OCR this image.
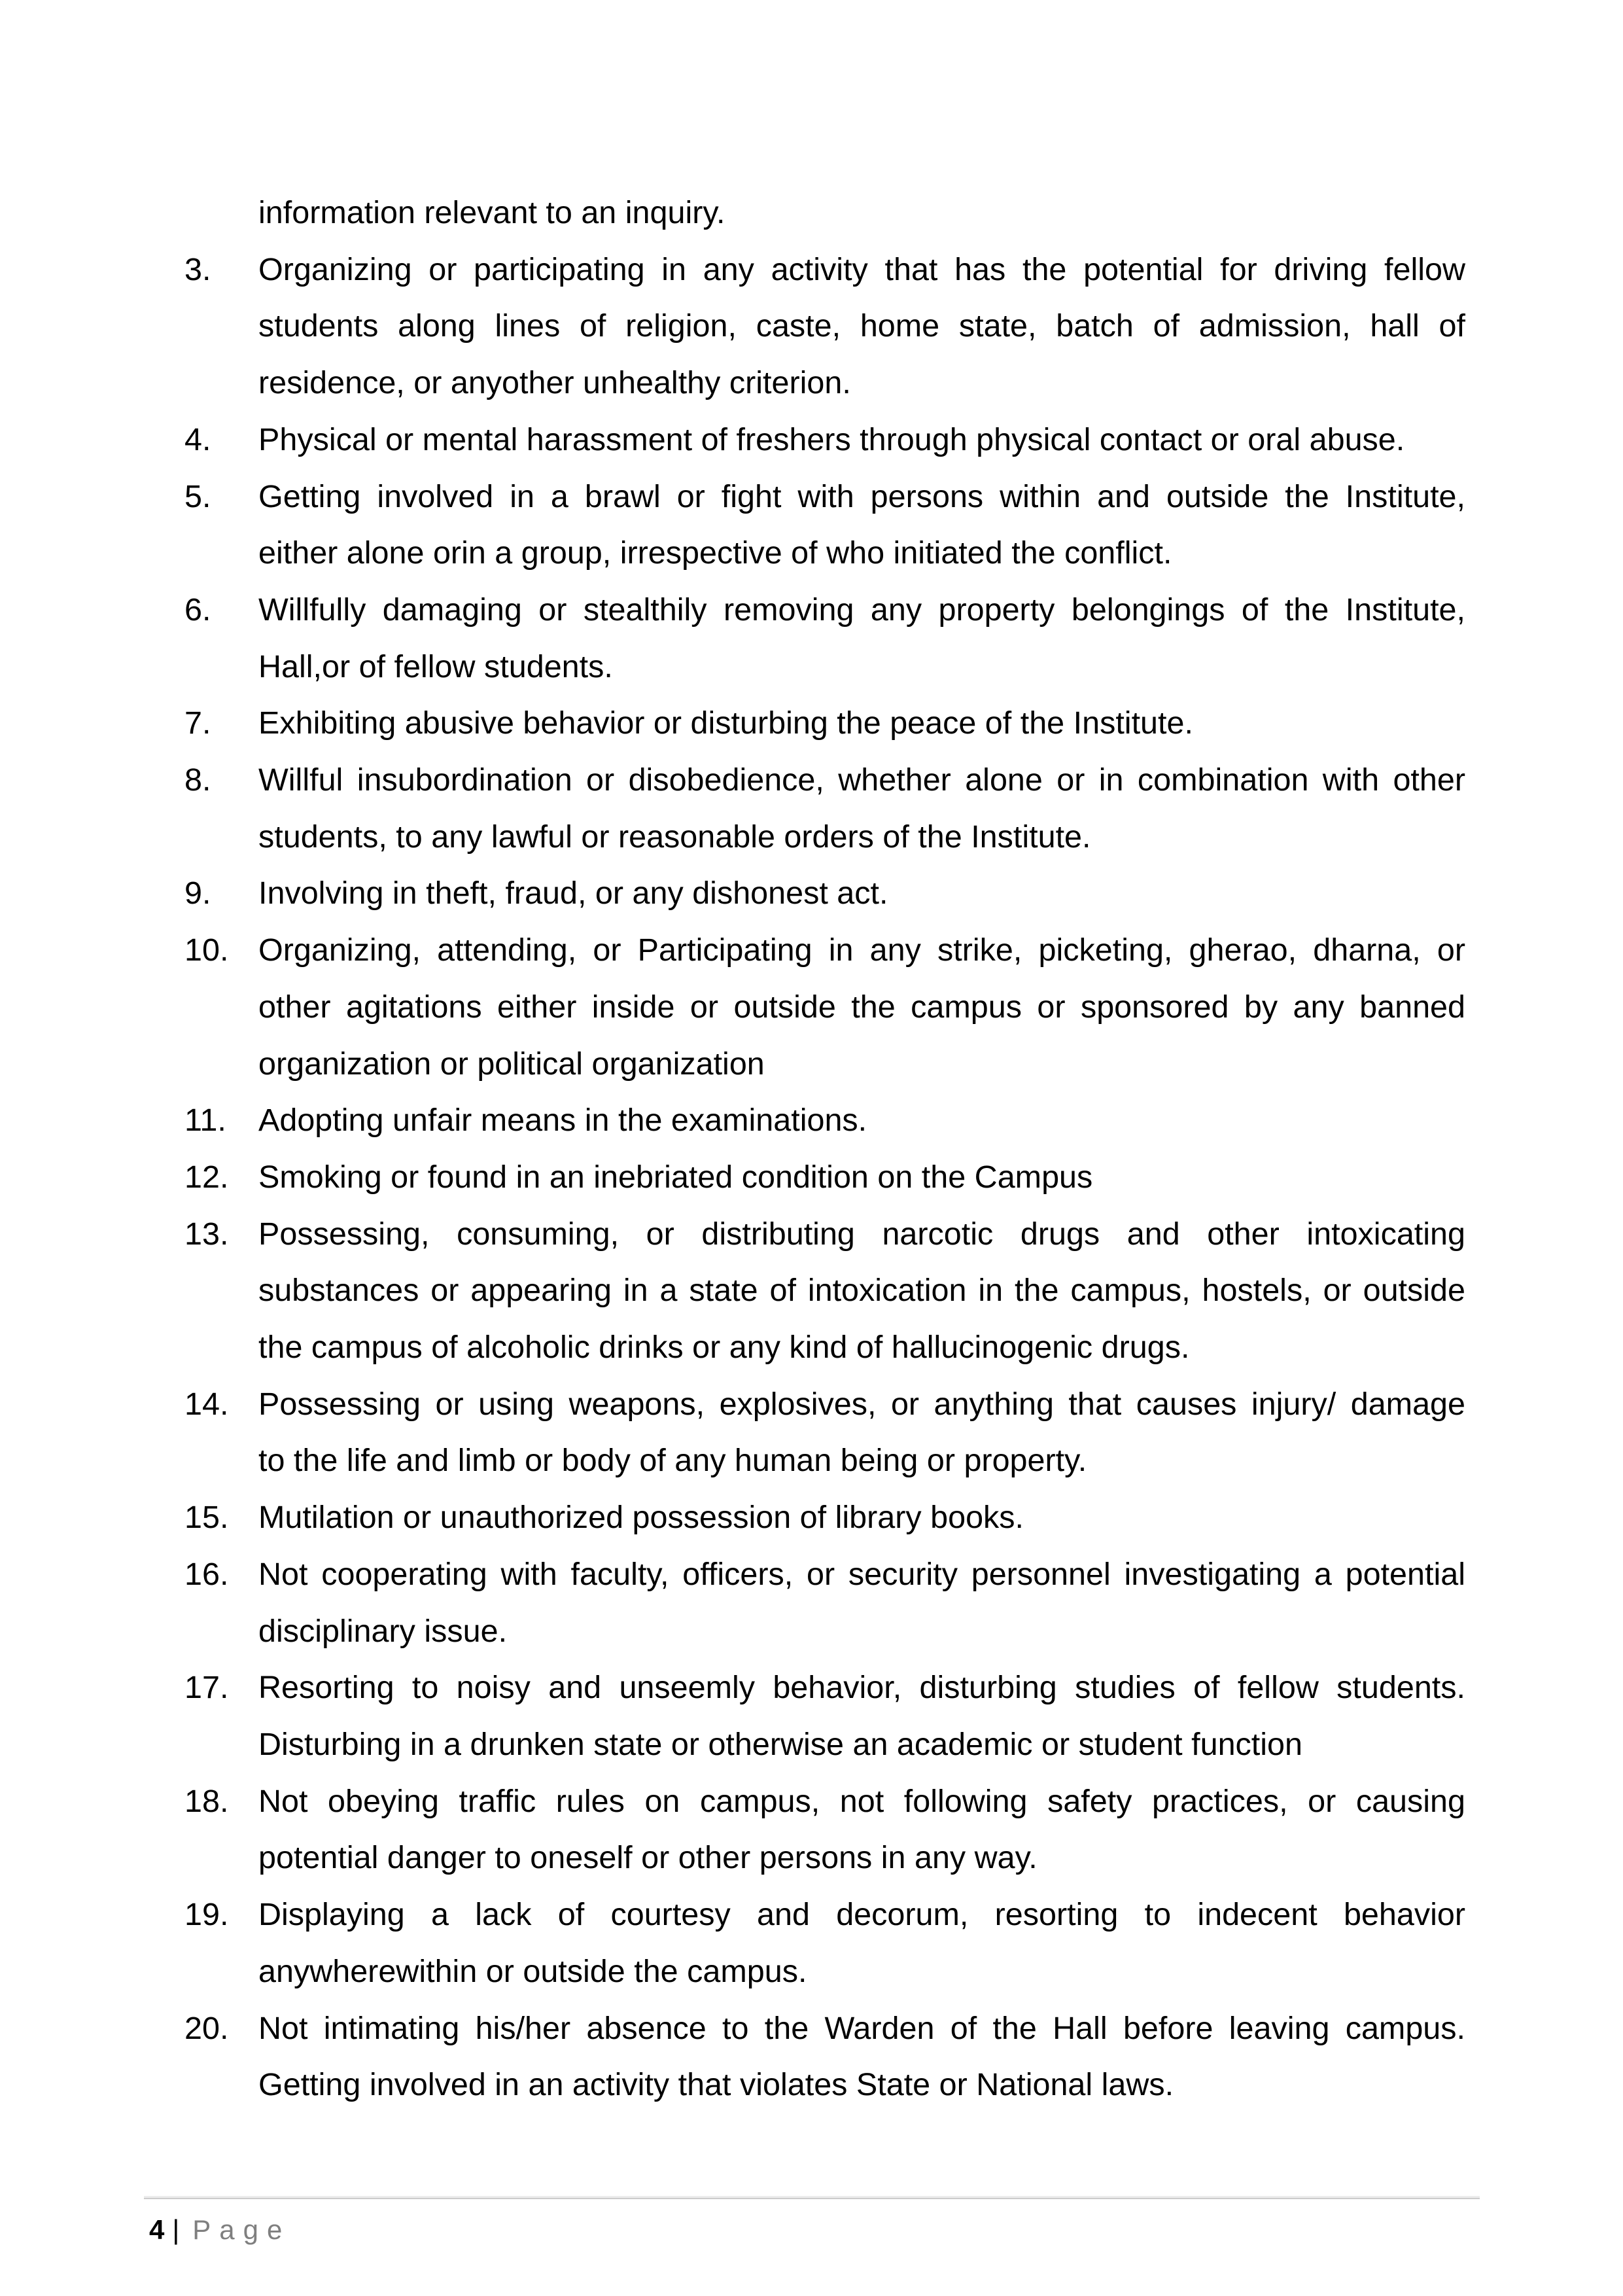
information relevant to an inquiry.
3. Organizing or participating in any activity that has the potential for driving fellow
students along lines of religion, caste, home state, batch of admission, hall of
residence, or anyother unhealthy criterion.
4. Physical or mental harassment of freshers through physical contact or oral abuse.
5. Getting involved in a brawl or fight with persons within and outside the Institute,
either alone orin a group, irrespective of who initiated the conflict.
6. Willfully damaging or stealthily removing any property belongings of the Institute,
Hall,or of fellow students.
7. Exhibiting abusive behavior or disturbing the peace of the Institute.
8. Willful insubordination or disobedience, whether alone or in combination with other
students, to any lawful or reasonable orders of the Institute.
9. Involving in theft, fraud, or any dishonest act.
10. Organizing, attending, or Participating in any strike, picketing, gherao, dharna, or
other agitations either inside or outside the campus or sponsored by any banned
organization or political organization
11. Adopting unfair means in the examinations.
12. Smoking or found in an inebriated condition on the Campus
13. Possessing, consuming, or distributing narcotic drugs and other intoxicating
substances or appearing in a state of intoxication in the campus, hostels, or outside
the campus of alcoholic drinks or any kind of hallucinogenic drugs.
14. Possessing or using weapons, explosives, or anything that causes injury/ damage
to the life and limb or body of any human being or property.
15. Mutilation or unauthorized possession of library books.
16. Not cooperating with faculty, officers, or security personnel investigating a potential
disciplinary issue.
17. Resorting to noisy and unseemly behavior, disturbing studies of fellow students.
Disturbing in a drunken state or otherwise an academic or student function
18. Not obeying traffic rules on campus, not following safety practices, or causing
potential danger to oneself or other persons in any way.
19. Displaying a lack of courtesy and decorum, resorting to indecent behavior
anywherewithin or outside the campus.
20. Not intimating his/her absence to the Warden of the Hall before leaving campus.
Getting involved in an activity that violates State or National laws.
4 | Page
